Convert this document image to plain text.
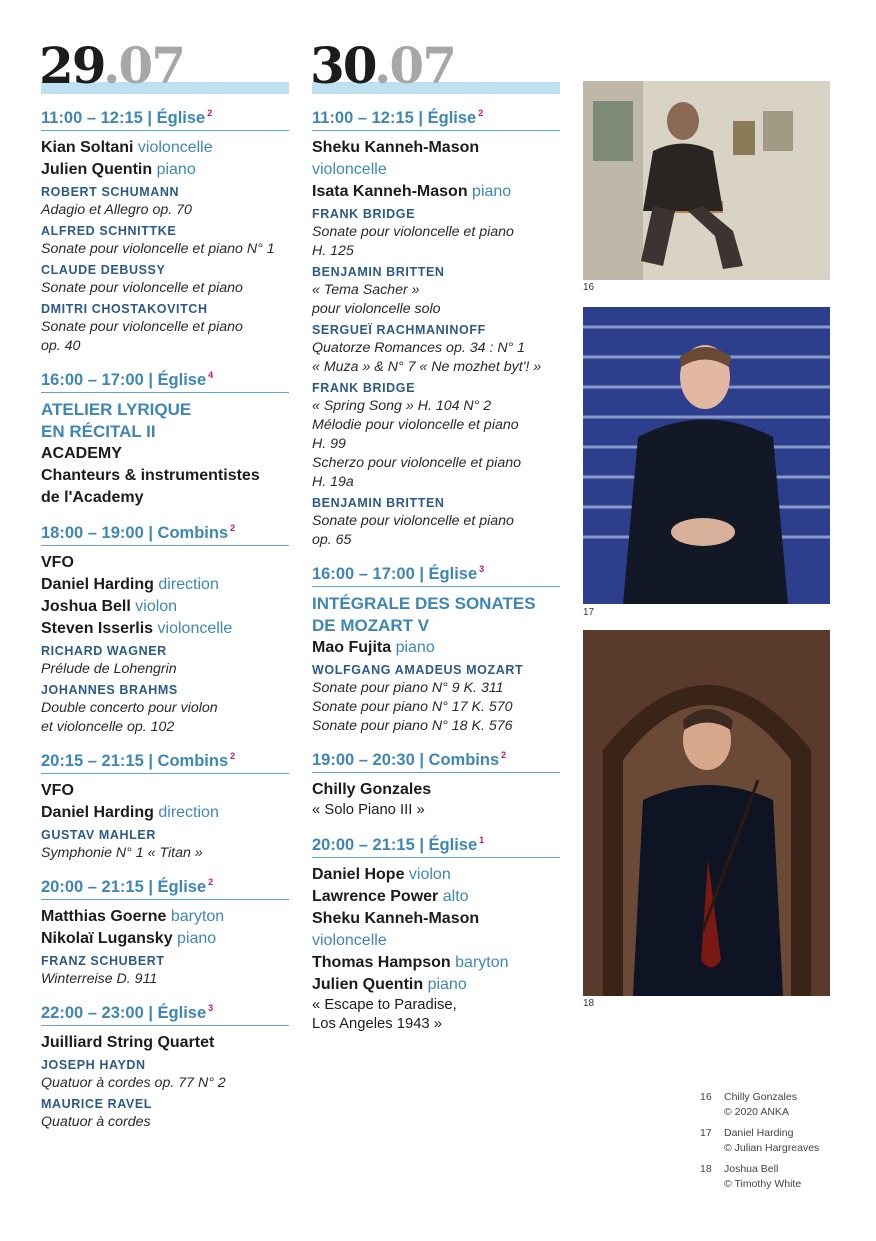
29
.07
11:00 – 12:15 | Église $^2$
Kian Soltani violoncelle
Julien Quentin piano
ROBERT SCHUMANN
Adagio et Allegro op. 70
ALFRED SCHNITTKE
Sonate pour violoncelle et piano N° 1
CLAUDE DEBUSSY
Sonate pour violoncelle et piano
DMITRI CHOSTAKOVITCH
Sonate pour violoncelle et piano
op. 40
16:00 – 17:00 | Église $^4$
ATELIER LYRIQUE
EN RÉCITAL II
ACADEMY
Chanteurs & instrumentistes
de l'Academy
18:00 – 19:00 | Combins $^2$
VFO
Daniel Harding direction
Joshua Bell violon
Steven Isserlis violoncelle
RICHARD WAGNER
Prélude de Lohengrin
JOHANNES BRAHMS
Double concerto pour violon
et violoncelle op. 102
20:15 – 21:15 | Combins $^2$
VFO
Daniel Harding direction
GUSTAV MAHLER
Symphonie N° 1 « Titan »
20:00 – 21:15 | Église $^2$
Matthias Goerne baryton
Nikolaï Lugansky piano
FRANZ SCHUBERT
Winterreise D. 911
22:00 – 23:00 | Église $^3$
Juilliard String Quartet
JOSEPH HAYDN
Quatuor à cordes op. 77 N° 2
MAURICE RAVEL
Quatuor à cordes
30
.07
11:00 – 12:15 | Église $^2$
Sheku Kanneh-Mason
violoncelle
Isata Kanneh-Mason piano
FRANK BRIDGE
Sonate pour violoncelle et piano
H. 125
BENJAMIN BRITTEN
« Tema Sacher »
pour violoncelle solo
SERGUEÏ RACHMANINOFF
Quatorze Romances op. 34 : N° 1
« Muza » & N° 7 « Ne mozhet byt'! »
FRANK BRIDGE
« Spring Song » H. 104 N° 2
Mélodie pour violoncelle et piano
H. 99
Scherzo pour violoncelle et piano
H. 19a
BENJAMIN BRITTEN
Sonate pour violoncelle et piano
op. 65
16:00 – 17:00 | Église $^3$
INTÉGRALE DES SONATES
DE MOZART V
Mao Fujita piano
WOLFGANG AMADEUS MOZART
Sonate pour piano N° 9 K. 311
Sonate pour piano N° 17 K. 570
Sonate pour piano N° 18 K. 576
19:00 – 20:30 | Combins $^2$
Chilly Gonzales
« Solo Piano III »
20:00 – 21:15 | Église $^1$
Daniel Hope violon
Lawrence Power alto
Sheku Kanneh-Mason
violoncelle
Thomas Hampson baryton
Julien Quentin piano
« Escape to Paradise,
Los Angeles 1943 »
16
17
18
16	Chilly Gonzales
© 2020 ANKA
17	Daniel Harding
© Julian Hargreaves
18	Joshua Bell
© Timothy White
